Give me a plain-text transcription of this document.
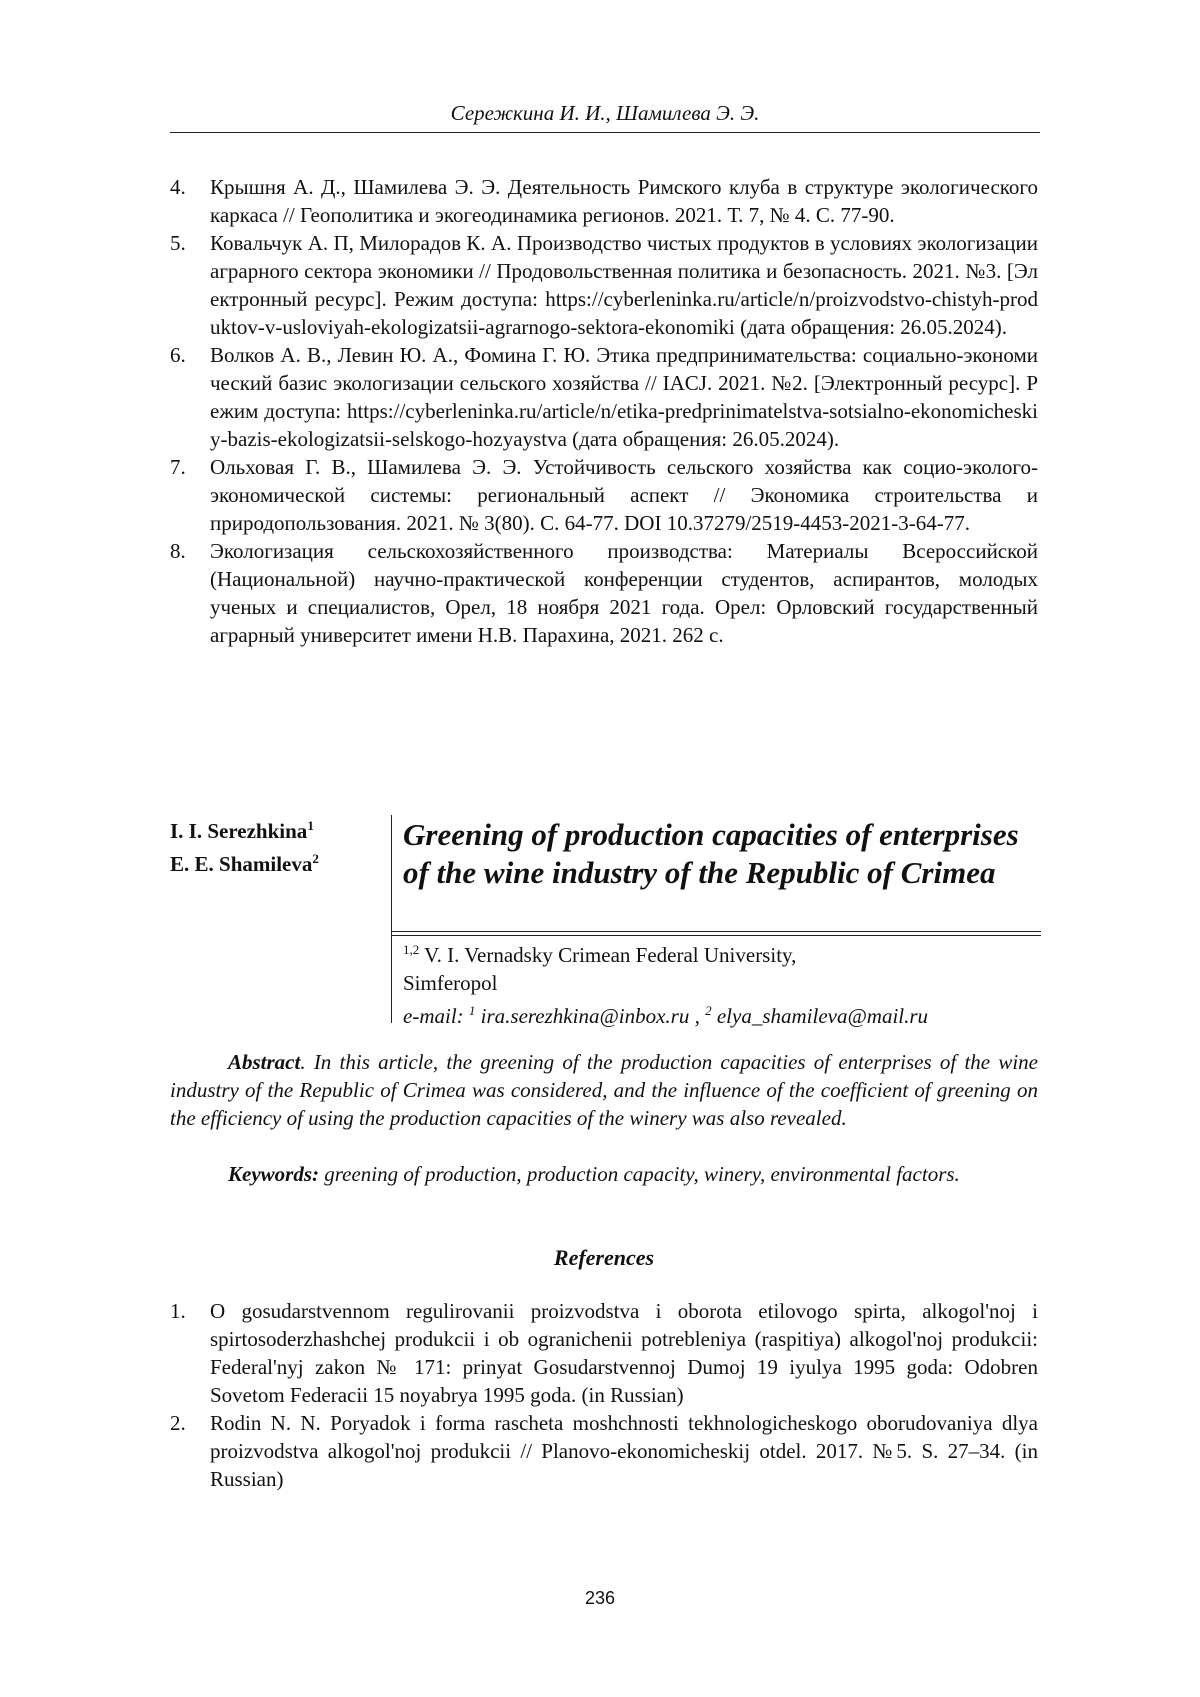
Сережкина И. И., Шамилева Э. Э.
4. Крышня А. Д., Шамилева Э. Э. Деятельность Римского клуба в структуре экологического каркаса // Геополитика и экогеодинамика регионов. 2021. Т. 7, № 4. С. 77-90.
5. Ковальчук А. П, Милорадов К. А. Производство чистых продуктов в условиях экологизации аграрного сектора экономики // Продовольственная политика и безопасность. 2021. №3. [Электронный ресурс]. Режим доступа: https://cyberleninka.ru/article/n/proizvodstvo-chistyh-produktov-v-usloviyah-ekologizatsii-agrarnogo-sektora-ekonomiki (дата обращения: 26.05.2024).
6. Волков А. В., Левин Ю. А., Фомина Г. Ю. Этика предпринимательства: социально-экономический базис экологизации сельского хозяйства // IACJ. 2021. №2. [Электронный ресурс]. Режим доступа: https://cyberleninka.ru/article/n/etika-predprinimatelstva-sotsialno-ekonomicheskiy-bazis-ekologizatsii-selskogo-hozyaystva (дата обращения: 26.05.2024).
7. Ольховая Г. В., Шамилева Э. Э. Устойчивость сельского хозяйства как социо-эколого-экономической системы: региональный аспект // Экономика строительства и природопользования. 2021. № 3(80). С. 64-77. DOI 10.37279/2519-4453-2021-3-64-77.
8. Экологизация сельскохозяйственного производства: Материалы Всероссийской (Национальной) научно-практической конференции студентов, аспирантов, молодых ученых и специалистов, Орел, 18 ноября 2021 года. Орел: Орловский государственный аграрный университет имени Н.В. Парахина, 2021. 262 с.
I. I. Serezhkina$^1$
E. E. Shamileva$^2$
Greening of production capacities of enterprises of the wine industry of the Republic of Crimea
$^{1,2}$ V. I. Vernadsky Crimean Federal University,
Simferopol
e-mail: $^1$ ira.serezhkina@inbox.ru , $^2$ elya_shamileva@mail.ru

Abstract. In this article, the greening of the production capacities of enterprises of the wine industry of the Republic of Crimea was considered, and the influence of the coefficient of greening on the efficiency of using the production capacities of the winery was also revealed.

Keywords: greening of production, production capacity, winery, environmental factors.

References
1. O gosudarstvennom regulirovanii proizvodstva i oborota etilovogo spirta, alkogol'noj i spirtosoderzhashchej produkcii i ob ogranichenii potrebleniya (raspitiya) alkogol'noj produkcii: Federal'nyj zakon № 171: prinyat Gosudarstvennoj Dumoj 19 iyulya 1995 goda: Odobren Sovetom Federacii 15 noyabrya 1995 goda. (in Russian)
2. Rodin N. N. Poryadok i forma rascheta moshchnosti tekhnologicheskogo oborudovaniya dlya proizvodstva alkogol'noj produkcii // Planovo-ekonomicheskij otdel. 2017. №5. S. 27–34. (in Russian)
236
